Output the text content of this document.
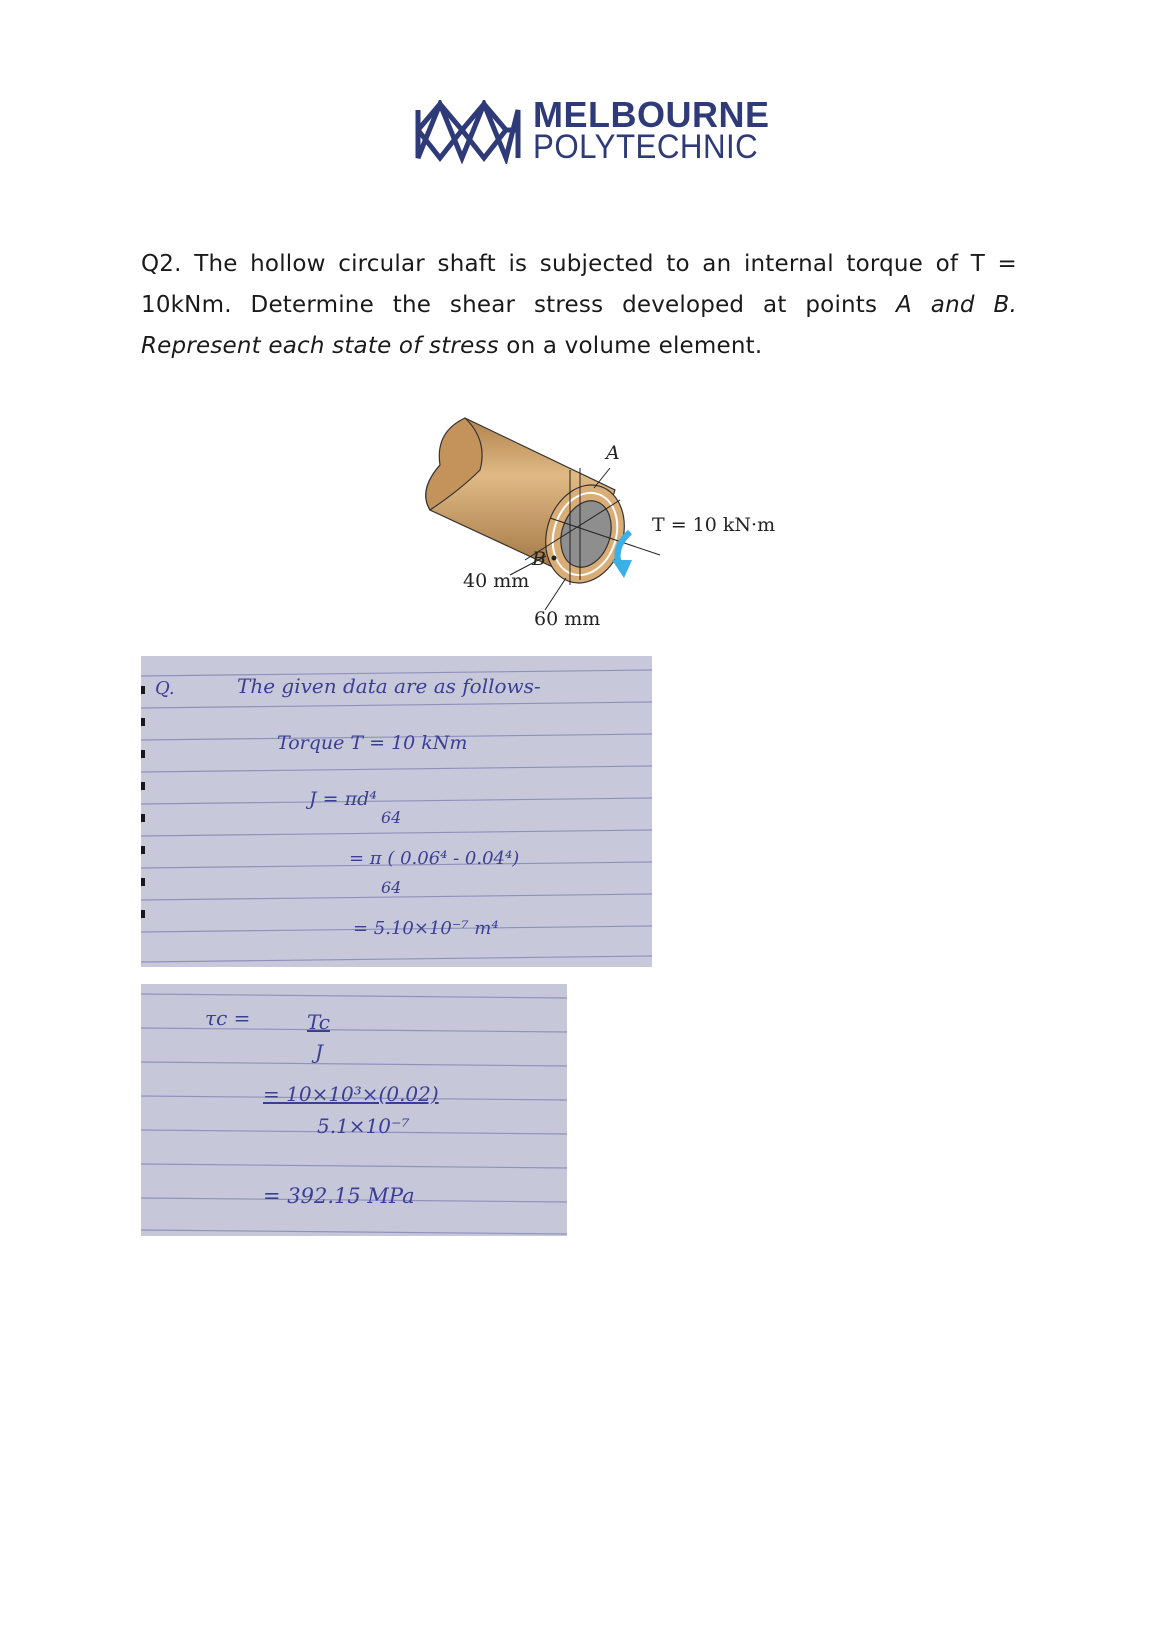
MELBOURNE
POLYTECHNIC
Q2. The hollow circular shaft is subjected to an internal torque of T = 10kNm. Determine the shear stress developed at points A and B. Represent each state of stress on a volume element.
A
B
T = 10 kN·m
40 mm
60 mm
Q.	The given data are as follows-
Torque T = 10 kNm
J = πd⁴
64
= π ( 0.06⁴ - 0.04⁴)
64
= 5.10×10⁻⁷ m⁴
τc =	Tc
J
= 10×10³×(0.02)
5.1×10⁻⁷
= 392.15 MPa
